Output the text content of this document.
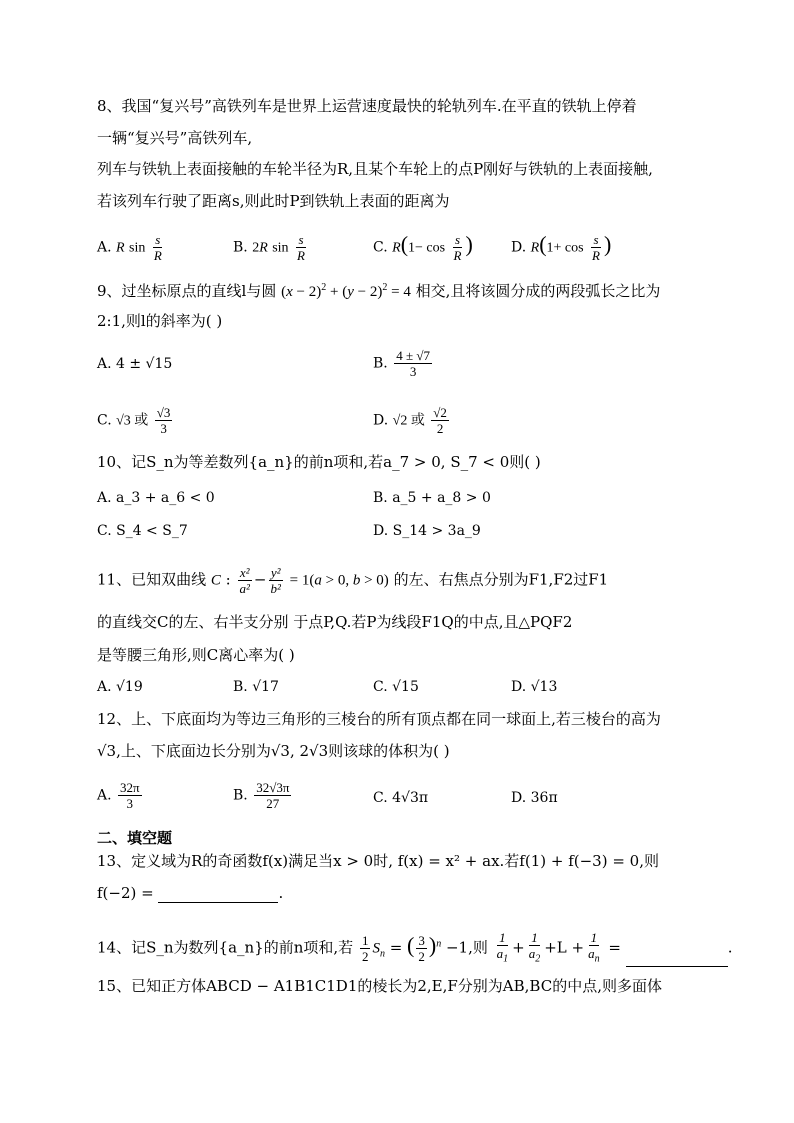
8、我国“复兴号”高铁列车是世界上运营速度最快的轮轨列车.在平直的铁轨上停着
一辆“复兴号”高铁列车,
列车与铁轨上表面接触的车轮半径为R,且某个车轮上的点P刚好与铁轨的上表面接触,
若该列车行驶了距离s,则此时P到铁轨上表面的距离为
A. R $\sin \frac{s}{R}$	B. 2R $\sin \frac{s}{R}$	C. $R(1- \cos \frac{s}{R}$ )	D. $R(1+ \cos \frac{s}{R}$ )
9、过坐标原点的直线l与圆 $(x - 2)^2 + (y - 2)^2 = 4$ 相交,且将该圆分成的两段弧长之比为
2:1,则l的斜率为( )
A. 4 ± √15	B. $\frac{4 \pm √7}{3}$
C. √3 或 $\frac{√3}{3}$	D. √2 或 $\frac{√2}{2}$
10、记S_n为等差数列{a_n}的前n项和,若a_7 > 0, S_7 < 0则( )
A. a_3 + a_6 < 0	B. a_5 + a_8 > 0
C. S_4 < S_7	D. S_14 > 3a_9
11、已知双曲线 C : $\frac{\text{x²}}{\text{a²}} - \frac{\text{y²}}{\text{b²}} = 1(a > 0$, b > 0) 的左、右焦点分别为F1,F2过F1
的直线交C的左、右半支分别 于点P,Q.若P为线段F1Q的中点,且△PQF2
是等腰三角形,则C离心率为( )
A. √19	B. √17	C. √15	D. √13
12、上、下底面均为等边三角形的三棱台的所有顶点都在同一球面上,若三棱台的高为
√3,上、下底面边长分别为√3, 2√3则该球的体积为( )
A. $\frac{32\pi}{3}$	B. $\frac{32√3\pi}{27}$	C. 4√3π	D. 36π
二、填空题
13、定义域为R的奇函数f(x)满足当x > 0时, f(x) = x² + ax.若f(1) + f(−3) = 0,则
f(−2) =	.
14、记S_n为数列{a_n}的前n项和,若 $\frac{1}{2} S_n$ = ( $\frac{3}{2} )^n -1$,则 $\frac{1}{a_1} + \frac{1}{a_2} +L + \frac{1}{a_n}$ =	.
15、已知正方体ABCD − A1B1C1D1的棱长为2,E,F分别为AB,BC的中点,则多面体
